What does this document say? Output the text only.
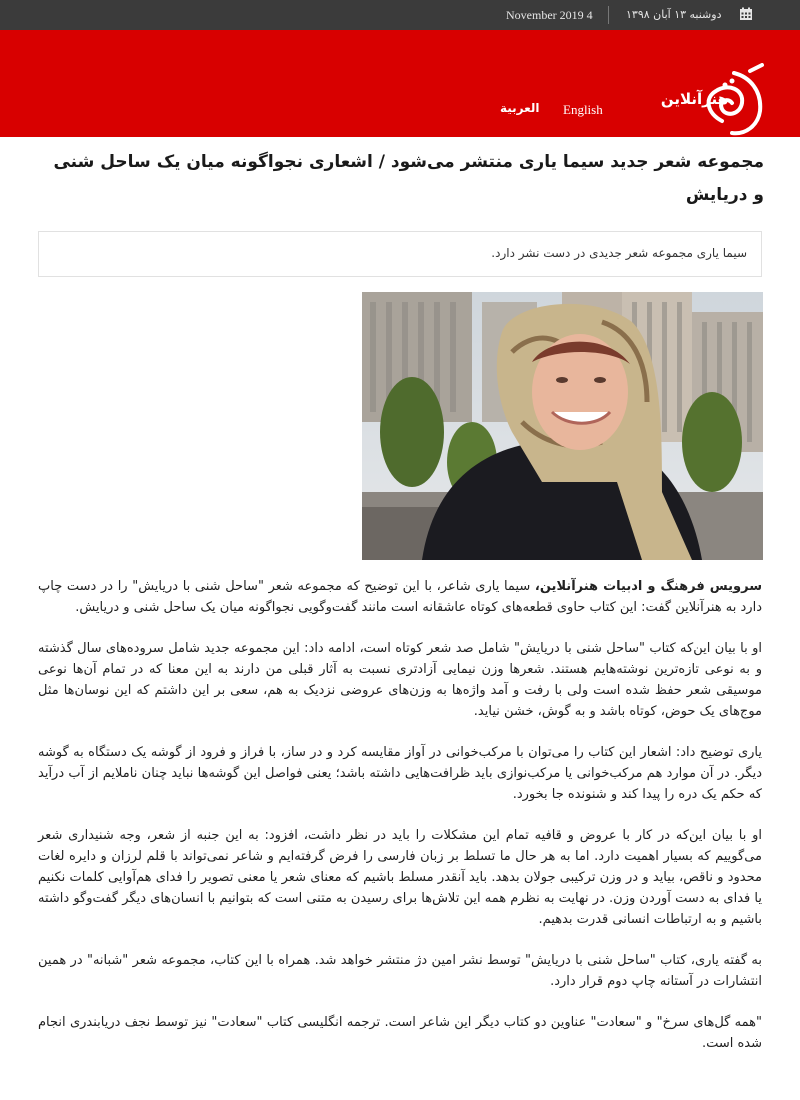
November 2019 4	دوشنبه ۱۳ آبان ۱۳۹۸
العربية English
هنرآنلاین
مجموعه شعر جدید سیما یاری منتشر می‌شود / اشعاری نجواگونه میان یک ساحل شنی و دریایش
سیما یاری مجموعه شعر جدیدی در دست نشر دارد.

سرویس فرهنگ و ادبیات هنرآنلاین، سیما یاری شاعر، با این توضیح که مجموعه شعر "ساحل شنی با دریایش" را در دست چاپ دارد به هنرآنلاین گفت: این کتاب حاوی قطعه‌های کوتاه عاشقانه است مانند گفت‌وگویی نجواگونه میان یک ساحل شنی و دریایش.

او با بیان این‌که کتاب "ساحل شنی با دریایش" شامل صد شعر کوتاه است، ادامه داد: این مجموعه جدید شامل سروده‌های سال گذشته و به نوعی تازه‌ترین نوشته‌هایم هستند. شعرها وزن نیمایی آزادتری نسبت به آثار قبلی من دارند به این معنا که در تمام آن‌ها نوعی موسیقی شعر حفظ شده است ولی با رفت و آمد واژه‌ها به وزن‌های عروضی نزدیک به هم، سعی بر این داشتم که این نوسان‌ها مثل موج‌های یک حوض، کوتاه باشد و به گوش، خشن نیاید.

یاری توضیح داد: اشعار این کتاب را می‌توان با مرکب‌خوانی در آواز مقایسه کرد و در ساز، با فراز و فرود از گوشه یک دستگاه به گوشه دیگر. در آن موارد هم مرکب‌خوانی یا مرکب‌نوازی باید ظرافت‌هایی داشته باشد؛ یعنی فواصل این گوشه‌ها نباید چنان ناملایم از آب درآید که حکم یک دره را پیدا کند و شنونده جا بخورد.

او با بیان این‌که در کار با عروض و قافیه تمام این مشکلات را باید در نظر داشت، افزود: به این جنبه از شعر، وجه شنیداری شعر می‌گوییم که بسیار اهمیت دارد. اما به هر حال ما تسلط بر زبان فارسی را فرض گرفته‌ایم و شاعر نمی‌تواند با قلم لرزان و دایره لغات محدود و ناقص، بیاید و در وزن ترکیبی جولان بدهد. باید آنقدر مسلط باشیم که معنای شعر یا معنی تصویر را فدای هم‌آوایی کلمات نکنیم یا فدای به دست آوردن وزن. در نهایت به نظرم همه این تلاش‌ها برای رسیدن به متنی است که بتوانیم با انسان‌های دیگر گفت‌وگو داشته باشیم و به ارتباطات انسانی قدرت بدهیم.

به گفته یاری، کتاب "ساحل شنی با دریایش" توسط نشر امین دژ منتشر خواهد شد. همراه با این کتاب، مجموعه شعر "شبانه" در همین انتشارات در آستانه چاپ دوم قرار دارد.

"همه گل‌های سرخ" و "سعادت" عناوین دو کتاب دیگر این شاعر است. ترجمه انگلیسی کتاب "سعادت" نیز توسط نجف دریابندری انجام شده است.
